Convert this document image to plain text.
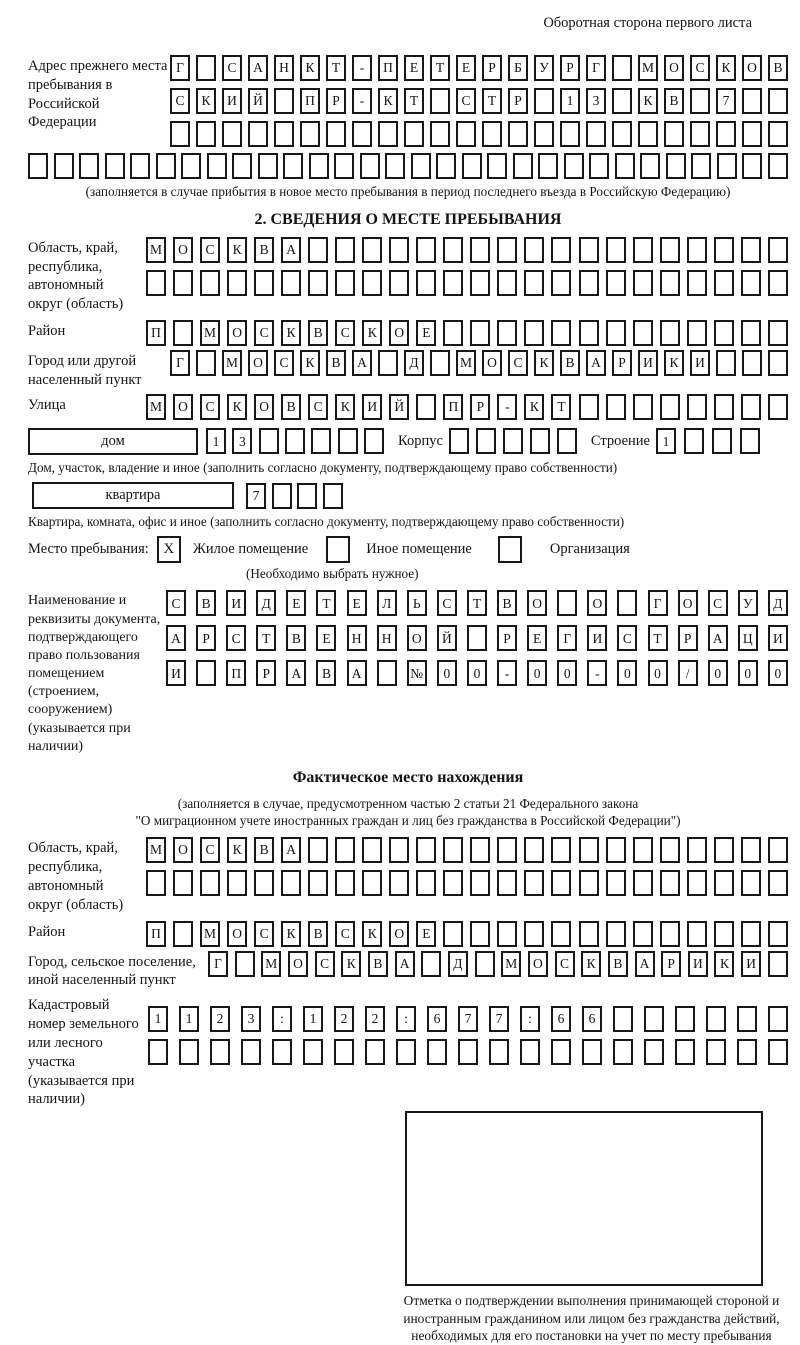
Оборотная сторона первого листа
Адрес прежнего места пребывания в Российской Федерации
Г	С	А	Н	К	Т	-	П	Е	Т	Е	Р	Б	У	Р	Г	М	О	С	К	О	В
С	К	И	Й	П	Р	-	К	Т	С	Т	Р	1	3	К	В	7
(заполняется в случае прибытия в новое место пребывания в период последнего въезда в Российскую Федерацию)
2. СВЕДЕНИЯ О МЕСТЕ ПРЕБЫВАНИЯ
Область, край, республика, автономный округ (область)
М	О	С	К	В	А
Район	П	М	О	С	К	В	С	К	О	Е
Город или другой населенный пункт
Г	М	О	С	К	В	А	Д	М	О	С	К	В	А	Р	И	К	И
Улица	М	О	С	К	О	В	С	К	И	Й	П	Р	-	К	Т
дом	1	3	Корпус	Строение 1
Дом, участок, владение и иное (заполнить согласно документу, подтверждающему право собственности)
квартира	7
Квартира, комната, офис и иное (заполнить согласно документу, подтверждающему право собственности)
Место пребывания: X	Жилое помещение	Иное помещение	Организация
(Необходимо выбрать нужное)
Наименование и реквизиты документа, подтверждающего право пользования помещением (строением, сооружением) (указывается при наличии)
С	В	И	Д	Е	Т	Е	Л	Ь	С	Т	В	О	О	Г	О	С	У	Д
А	Р	С	Т	В	Е	Н	Н	О	Й	Р	Е	Г	И	С	Т	Р	А	Ц	И
И	П	Р	А	В	А	№	0	0	-	0	0	-	0	0	/	0	0	0
Фактическое место нахождения
(заполняется в случае, предусмотренном частью 2 статьи 21 Федерального закона
"О миграционном учете иностранных граждан и лиц без гражданства в Российской Федерации")
Область, край, республика, автономный округ (область)
М	О	С	К	В	А
Район	П	М	О	С	К	В	С	К	О	Е
Город, сельское поселение, иной населенный пункт
Г	М	О	С	К	В	А	Д	М	О	С	К	В	А	Р	И	К	И
Кадастровый номер земельного или лесного участка (указывается при наличии)
1	1	2	3	:	1	2	2	:	6	7	7	:	6	6
Отметка о подтверждении выполнения принимающей стороной и иностранным гражданином или лицом без гражданства действий, необходимых для его постановки на учет по месту пребывания
